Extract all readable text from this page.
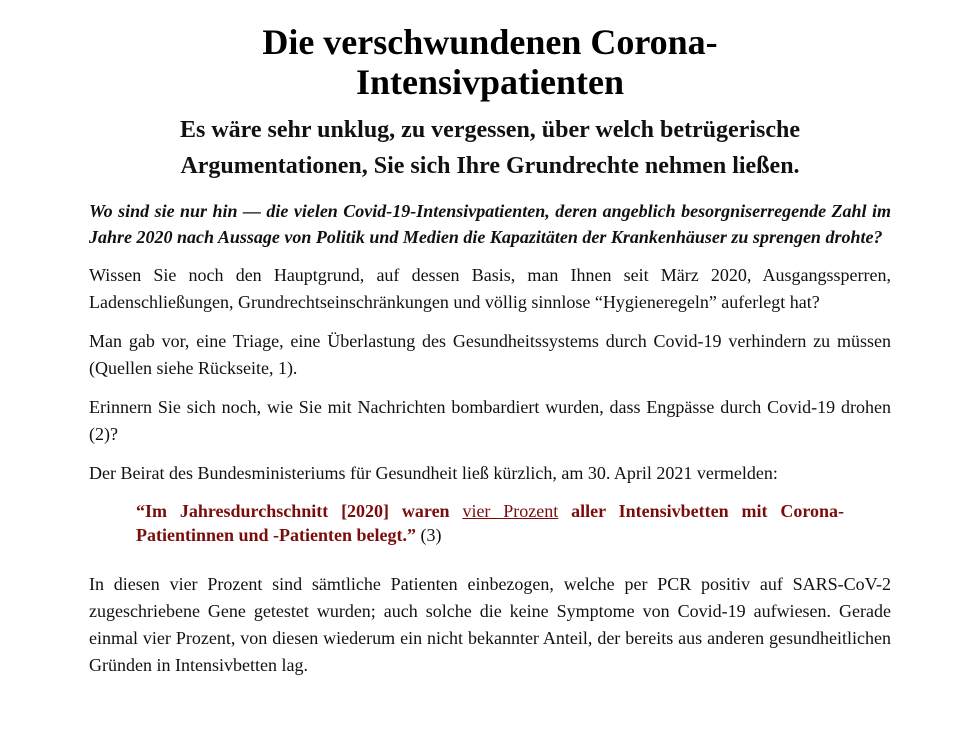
Die verschwundenen Corona-
Intensivpatienten
Es wäre sehr unklug, zu vergessen, über welch betrügerische Argumentationen, Sie sich Ihre Grundrechte nehmen ließen.

Wo sind sie nur hin — die vielen Covid-19-Intensivpatienten, deren angeblich besorgniserregende Zahl im Jahre 2020 nach Aussage von Politik und Medien die Kapazitäten der Krankenhäuser zu sprengen drohte?

Wissen Sie noch den Hauptgrund, auf dessen Basis, man Ihnen seit März 2020, Ausgangssperren, Ladenschließungen, Grundrechtseinschränkungen und völlig sinnlose “Hygieneregeln” auferlegt hat?

Man gab vor, eine Triage, eine Überlastung des Gesundheitssystems durch Covid-19 verhindern zu müssen (Quellen siehe Rückseite, 1).

Erinnern Sie sich noch, wie Sie mit Nachrichten bombardiert wurden, dass Engpässe durch Covid-19 drohen (2)?

Der Beirat des Bundesministeriums für Gesundheit ließ kürzlich, am 30. April 2021 vermelden:

“Im Jahresdurchschnitt [2020] waren vier Prozent aller Intensivbetten mit Corona-Patientinnen und -Patienten belegt.” (3)

In diesen vier Prozent sind sämtliche Patienten einbezogen, welche per PCR positiv auf SARS-CoV-2 zugeschriebene Gene getestet wurden; auch solche die keine Symptome von Covid-19 aufwiesen. Gerade einmal vier Prozent, von diesen wiederum ein nicht bekannter Anteil, der bereits aus anderen gesundheitlichen Gründen in Intensivbetten lag.
